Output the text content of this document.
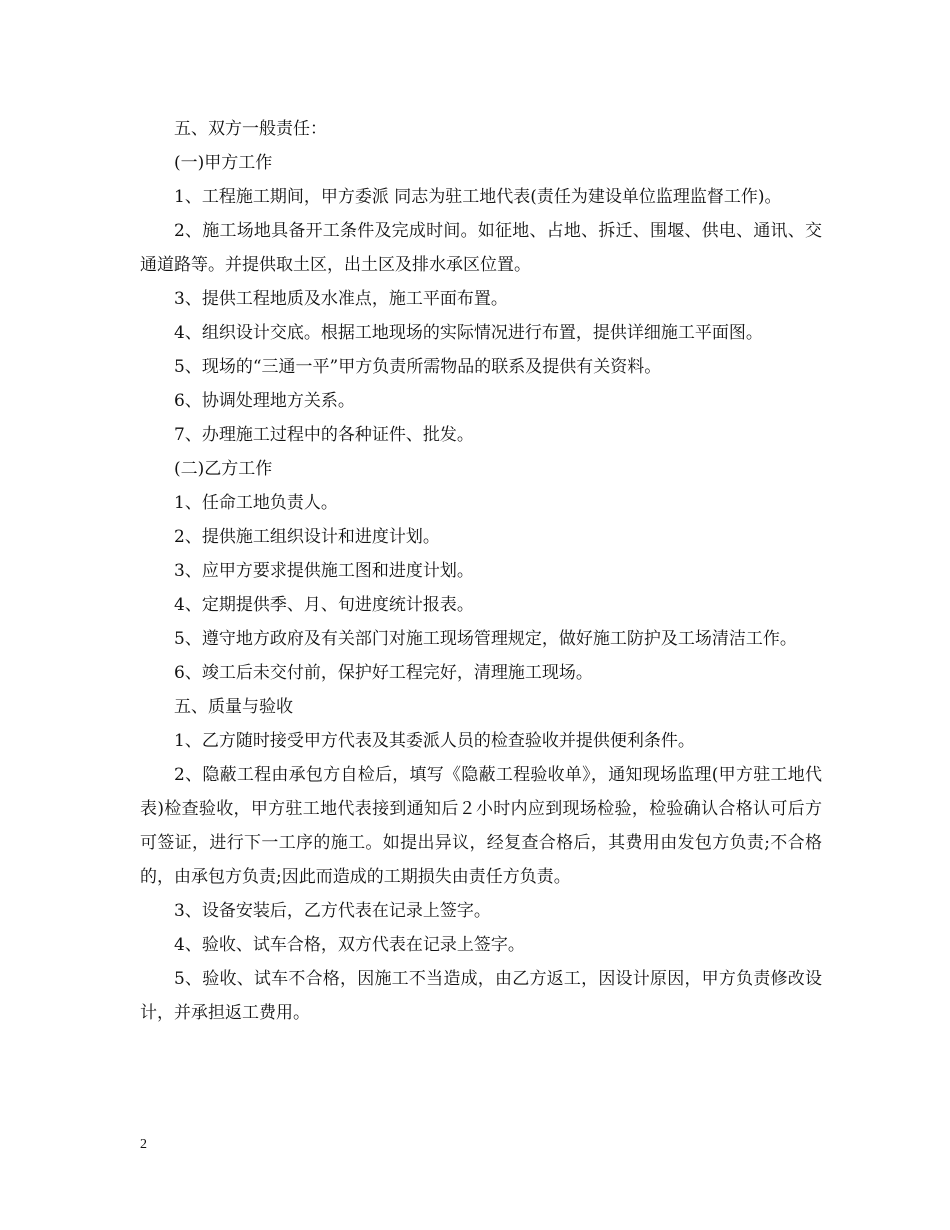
五、双方一般责任：

(一)甲方工作

1、工程施工期间，甲方委派 同志为驻工地代表(责任为建设单位监理监督工作)。

2、施工场地具备开工条件及完成时间。如征地、占地、拆迁、围堰、供电、通讯、交通道路等。并提供取土区，出土区及排水承区位置。

3、提供工程地质及水准点，施工平面布置。

4、组织设计交底。根据工地现场的实际情况进行布置，提供详细施工平面图。

5、现场的“三通一平”甲方负责所需物品的联系及提供有关资料。

6、协调处理地方关系。

7、办理施工过程中的各种证件、批发。

(二)乙方工作

1、任命工地负责人。

2、提供施工组织设计和进度计划。

3、应甲方要求提供施工图和进度计划。

4、定期提供季、月、旬进度统计报表。

5、遵守地方政府及有关部门对施工现场管理规定，做好施工防护及工场清洁工作。

6、竣工后未交付前，保护好工程完好，清理施工现场。

五、质量与验收

1、乙方随时接受甲方代表及其委派人员的检查验收并提供便利条件。

2、隐蔽工程由承包方自检后，填写《隐蔽工程验收单》，通知现场监理(甲方驻工地代表)检查验收，甲方驻工地代表接到通知后２小时内应到现场检验，检验确认合格认可后方可签证，进行下一工序的施工。如提出异议，经复查合格后，其费用由发包方负责;不合格的，由承包方负责;因此而造成的工期损失由责任方负责。

3、设备安装后，乙方代表在记录上签字。

4、验收、试车合格，双方代表在记录上签字。

5、验收、试车不合格，因施工不当造成，由乙方返工，因设计原因，甲方负责修改设计，并承担返工费用。

2
